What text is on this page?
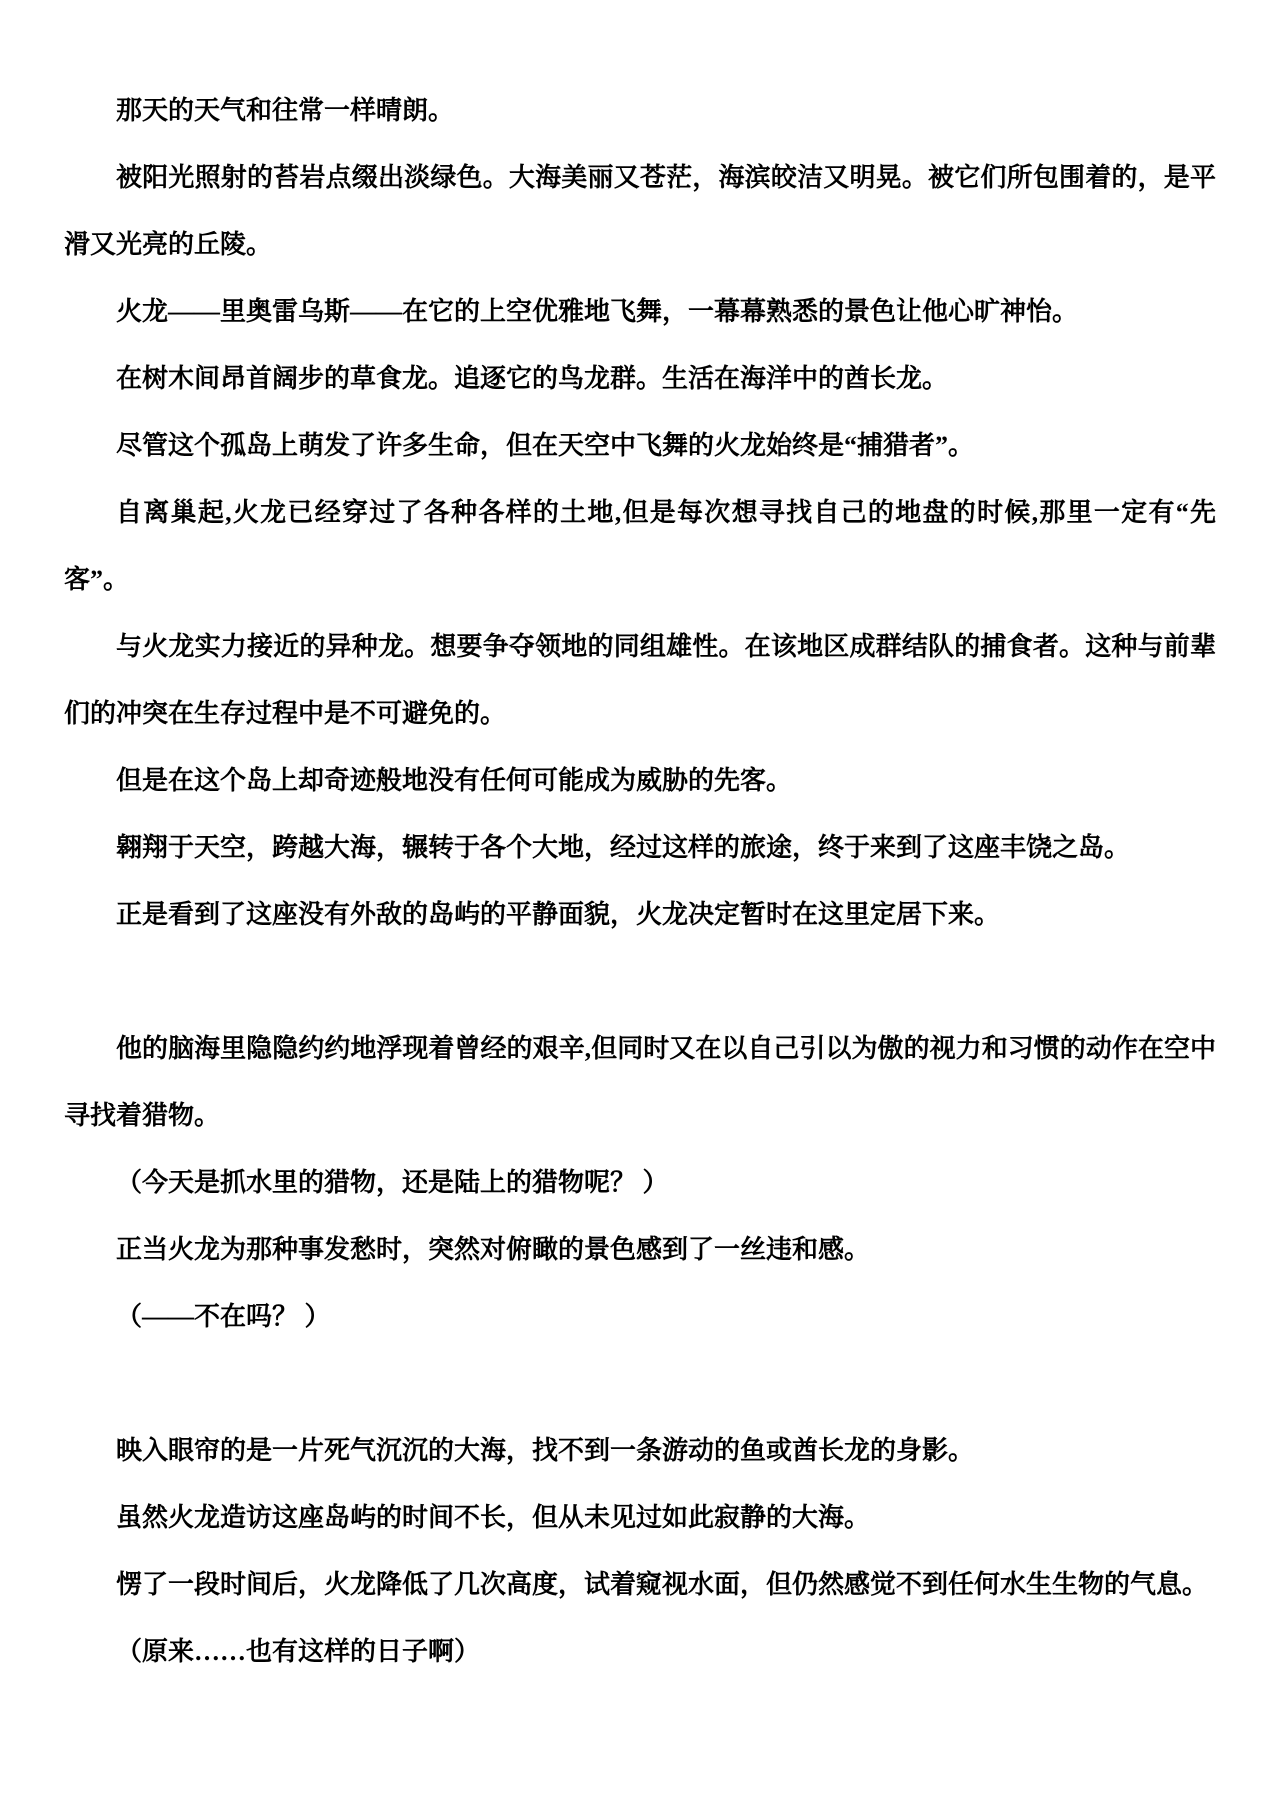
那天的天气和往常一样晴朗。

被阳光照射的苔岩点缀出淡绿色。大海美丽又苍茫，海滨皎洁又明晃。被它们所包围着的，是平滑又光亮的丘陵。

火龙——里奥雷乌斯——在它的上空优雅地飞舞，一幕幕熟悉的景色让他心旷神怡。

在树木间昂首阔步的草食龙。追逐它的鸟龙群。生活在海洋中的酋长龙。

尽管这个孤岛上萌发了许多生命，但在天空中飞舞的火龙始终是“捕猎者”。

自离巢起,火龙已经穿过了各种各样的土地,但是每次想寻找自己的地盘的时候,那里一定有“先客”。

与火龙实力接近的异种龙。想要争夺领地的同组雄性。在该地区成群结队的捕食者。这种与前辈们的冲突在生存过程中是不可避免的。

但是在这个岛上却奇迹般地没有任何可能成为威胁的先客。

翱翔于天空，跨越大海，辗转于各个大地，经过这样的旅途，终于来到了这座丰饶之岛。

正是看到了这座没有外敌的岛屿的平静面貌，火龙决定暂时在这里定居下来。

他的脑海里隐隐约约地浮现着曾经的艰辛,但同时又在以自己引以为傲的视力和习惯的动作在空中寻找着猎物。

（今天是抓水里的猎物，还是陆上的猎物呢？ ）

正当火龙为那种事发愁时，突然对俯瞰的景色感到了一丝违和感。

（——不在吗？ ）

映入眼帘的是一片死气沉沉的大海，找不到一条游动的鱼或酋长龙的身影。

虽然火龙造访这座岛屿的时间不长，但从未见过如此寂静的大海。

愣了一段时间后，火龙降低了几次高度，试着窥视水面，但仍然感觉不到任何水生生物的气息。

（原来……也有这样的日子啊）
